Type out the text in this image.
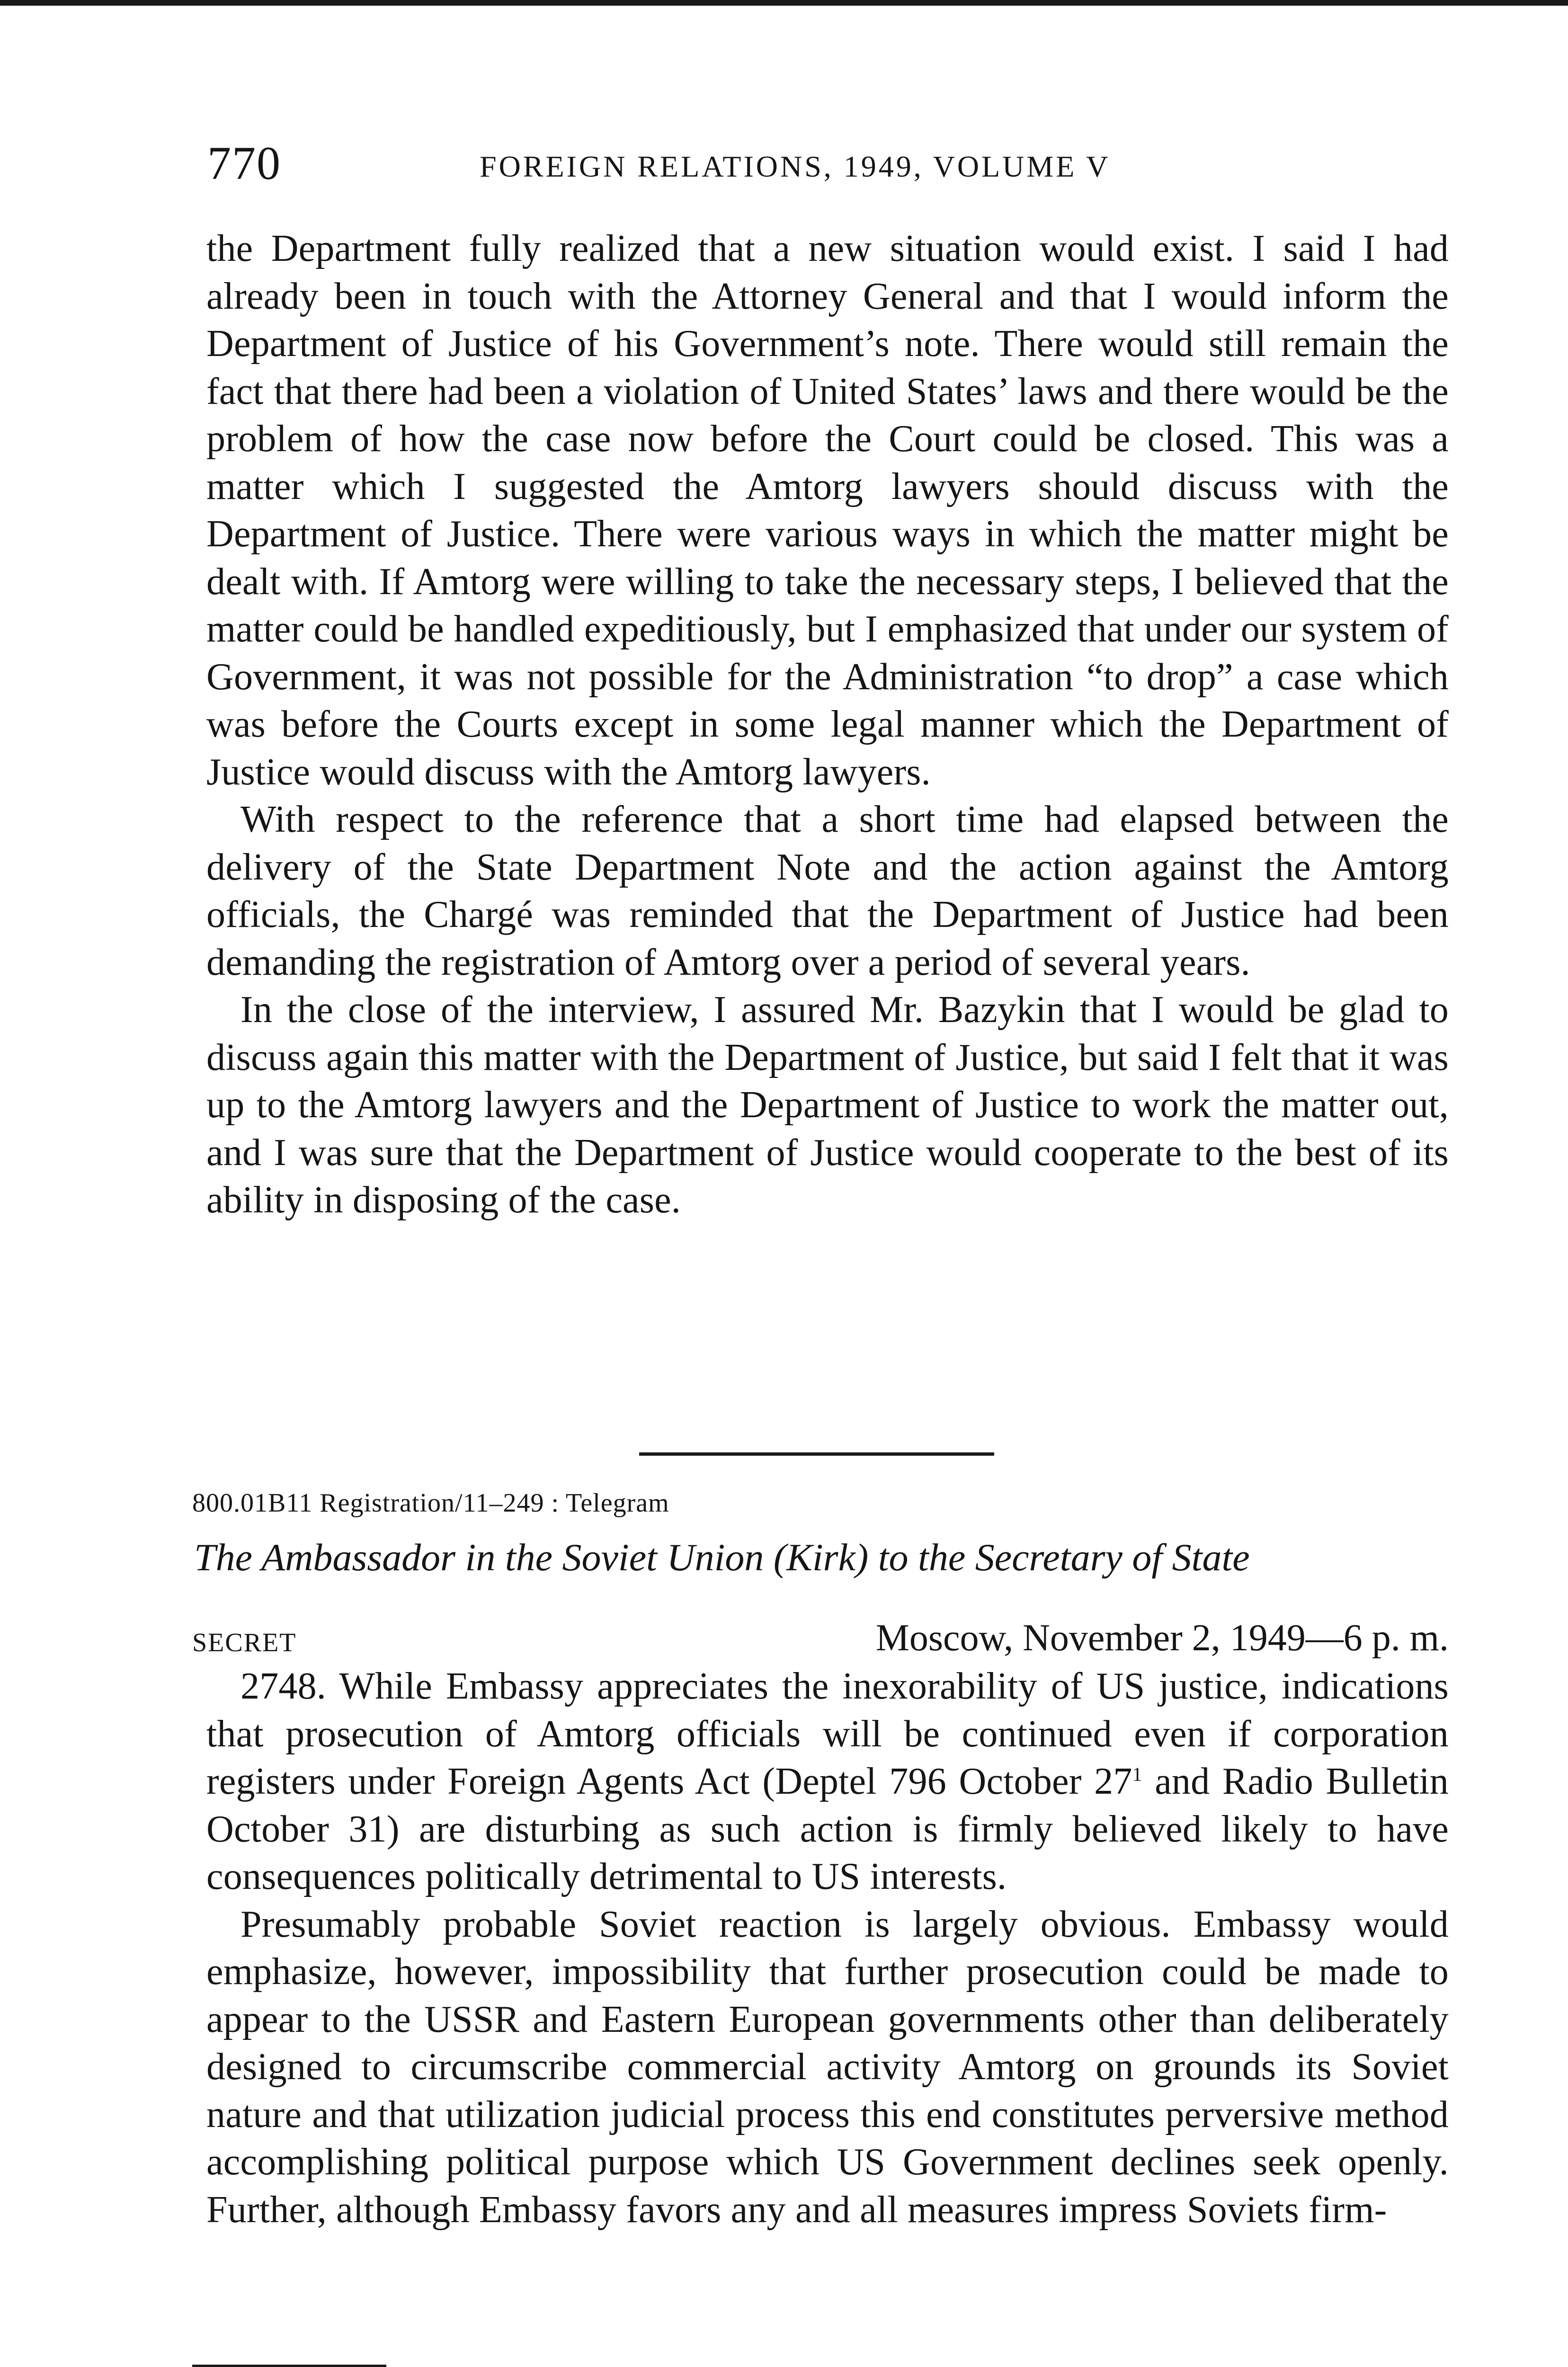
770	FOREIGN RELATIONS, 1949, VOLUME V

the Department fully realized that a new situation would exist. I said I had already been in touch with the Attorney General and that I would inform the Department of Justice of his Government’s note. There would still remain the fact that there had been a violation of United States’ laws and there would be the problem of how the case now before the Court could be closed. This was a matter which I suggested the Amtorg lawyers should discuss with the Department of Justice. There were various ways in which the matter might be dealt with. If Amtorg were willing to take the necessary steps, I believed that the matter could be handled expeditiously, but I emphasized that under our system of Government, it was not possible for the Administration “to drop” a case which was before the Courts except in some legal manner which the Department of Justice would discuss with the Amtorg lawyers.

With respect to the reference that a short time had elapsed between the delivery of the State Department Note and the action against the Amtorg officials, the Chargé was reminded that the Department of Justice had been demanding the registration of Amtorg over a period of several years.

In the close of the interview, I assured Mr. Bazykin that I would be glad to discuss again this matter with the Department of Justice, but said I felt that it was up to the Amtorg lawyers and the Department of Justice to work the matter out, and I was sure that the Department of Justice would cooperate to the best of its ability in disposing of the case.

800.01B11 Registration/11–249 : Telegram
The Ambassador in the Soviet Union (Kirk) to the Secretary of State
SECRET	Moscow, November 2, 1949—6 p. m.

2748. While Embassy appreciates the inexorability of US justice, indications that prosecution of Amtorg officials will be continued even if corporation registers under Foreign Agents Act (Deptel 796 October $27^1$ and Radio Bulletin October 31) are disturbing as such action is firmly believed likely to have consequences politically detrimental to US interests.

Presumably probable Soviet reaction is largely obvious. Embassy would emphasize, however, impossibility that further prosecution could be made to appear to the USSR and Eastern European governments other than deliberately designed to circumscribe commercial activity Amtorg on grounds its Soviet nature and that utilization judicial process this end constitutes perversive method accomplishing political purpose which US Government declines seek openly. Further, although Embassy favors any and all measures impress Soviets firm-
